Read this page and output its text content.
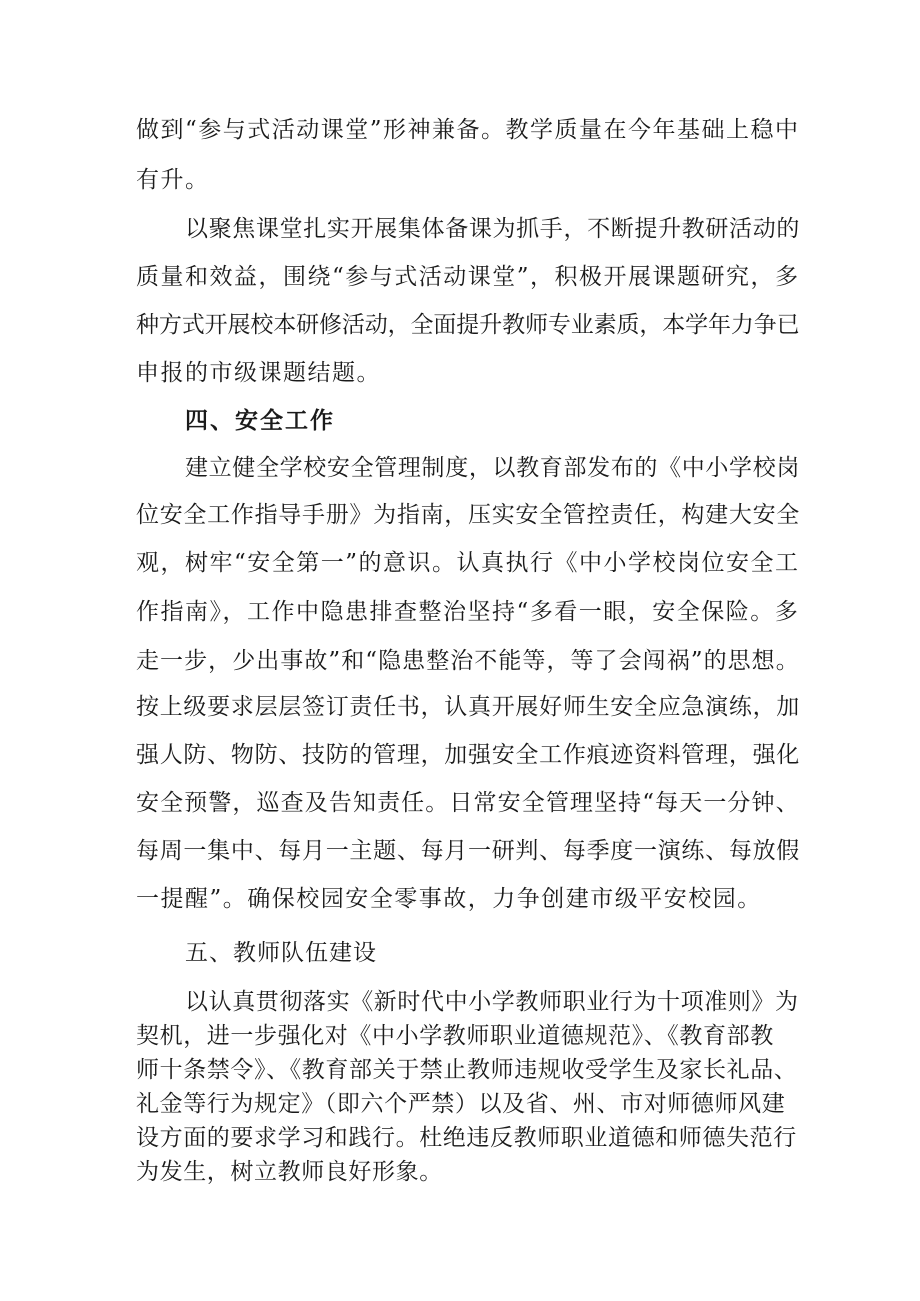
做到“参与式活动课堂”形神兼备。教学质量在今年基础上稳中
有升。
以聚焦课堂扎实开展集体备课为抓手，不断提升教研活动的
质量和效益，围绕“参与式活动课堂”，积极开展课题研究，多
种方式开展校本研修活动，全面提升教师专业素质，本学年力争已
申报的市级课题结题。
四、安全工作
建立健全学校安全管理制度，以教育部发布的《中小学校岗
位安全工作指导手册》为指南，压实安全管控责任，构建大安全
观，树牢“安全第一”的意识。认真执行《中小学校岗位安全工
作指南》，工作中隐患排查整治坚持“多看一眼，安全保险。多
走一步，少出事故”和“隐患整治不能等，等了会闯祸”的思想。
按上级要求层层签订责任书，认真开展好师生安全应急演练，加
强人防、物防、技防的管理，加强安全工作痕迹资料管理，强化
安全预警，巡查及告知责任。日常安全管理坚持“每天一分钟、
每周一集中、每月一主题、每月一研判、每季度一演练、每放假
一提醒”。确保校园安全零事故，力争创建市级平安校园。
五、教师队伍建设
以认真贯彻落实《新时代中小学教师职业行为十项准则》为
契机，进一步强化对《中小学教师职业道德规范》、《教育部教
师十条禁令》、《教育部关于禁止教师违规收受学生及家长礼品、
礼金等行为规定》（即六个严禁）以及省、州、市对师德师风建
设方面的要求学习和践行。杜绝违反教师职业道德和师德失范行
为发生，树立教师良好形象。
